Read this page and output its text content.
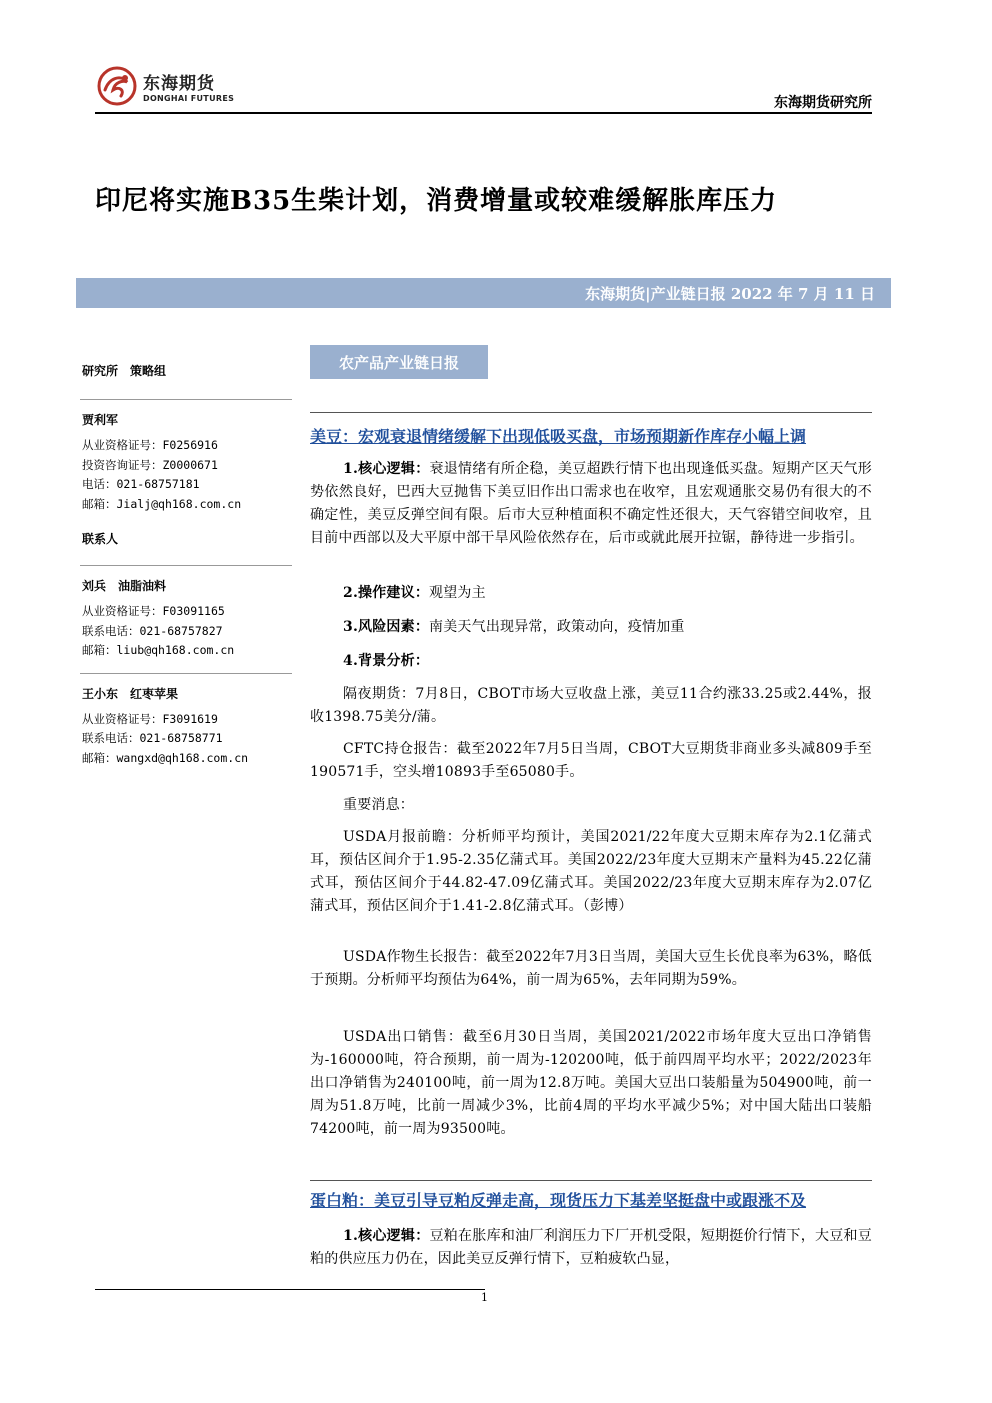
东海期货
DONGHAI FUTURES	东海期货研究所
印尼将实施B35生柴计划，消费增量或较难缓解胀库压力
东海期货|产业链日报 2022 年 7 月 11 日
研究所　策略组
贾利军
从业资格证号：F0256916
投资咨询证号：Z0000671
电话：021-68757181
邮箱：Jialj@qh168.com.cn
联系人
刘兵　油脂油料
从业资格证号：F03091165
联系电话：021-68757827
邮箱：liub@qh168.com.cn
王小东　红枣苹果
从业资格证号：F3091619
联系电话：021-68758771
邮箱：wangxd@qh168.com.cn
农产品产业链日报
美豆：宏观衰退情绪缓解下出现低吸买盘，市场预期新作库存小幅上调
1.核心逻辑：衰退情绪有所企稳，美豆超跌行情下也出现逢低买盘。短期产区天气形势依然良好，巴西大豆抛售下美豆旧作出口需求也在收窄，且宏观通胀交易仍有很大的不确定性，美豆反弹空间有限。后市大豆种植面积不确定性还很大，天气容错空间收窄，且目前中西部以及大平原中部干旱风险依然存在，后市或就此展开拉锯，静待进一步指引。
2.操作建议：观望为主
3.风险因素：南美天气出现异常，政策动向，疫情加重
4.背景分析：
隔夜期货：7月8日，CBOT市场大豆收盘上涨，美豆11合约涨33.25或2.44%，报收1398.75美分/蒲。
CFTC持仓报告：截至2022年7月5日当周，CBOT大豆期货非商业多头减809手至190571手，空头增10893手至65080手。
重要消息：
USDA月报前瞻：分析师平均预计，美国2021/22年度大豆期末库存为2.1亿蒲式耳，预估区间介于1.95-2.35亿蒲式耳。美国2022/23年度大豆期末产量料为45.22亿蒲式耳，预估区间介于44.82-47.09亿蒲式耳。美国2022/23年度大豆期末库存为2.07亿蒲式耳，预估区间介于1.41-2.8亿蒲式耳。（彭博）
USDA作物生长报告：截至2022年7月3日当周，美国大豆生长优良率为63%，略低于预期。分析师平均预估为64%，前一周为65%，去年同期为59%。
USDA出口销售：截至6月30日当周，美国2021/2022市场年度大豆出口净销售为-160000吨，符合预期，前一周为-120200吨，低于前四周平均水平；2022/2023年出口净销售为240100吨，前一周为12.8万吨。美国大豆出口装船量为504900吨，前一周为51.8万吨，比前一周减少3%，比前4周的平均水平减少5%；对中国大陆出口装船74200吨，前一周为93500吨。
蛋白粕：美豆引导豆粕反弹走高，现货压力下基差坚挺盘中或跟涨不及
1.核心逻辑：豆粕在胀库和油厂利润压力下厂开机受限，短期挺价行情下，大豆和豆粕的供应压力仍在，因此美豆反弹行情下，豆粕疲软凸显，
1
